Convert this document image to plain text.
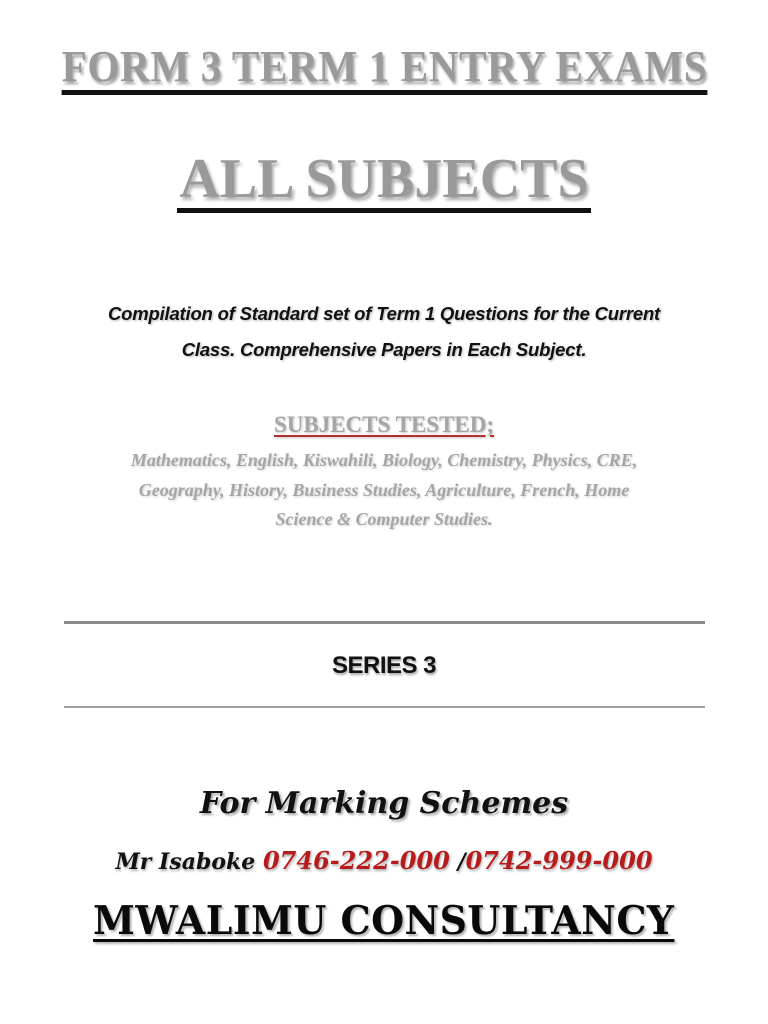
FORM 3 TERM 1 ENTRY EXAMS
ALL SUBJECTS
Compilation of Standard set of Term 1 Questions for the Current
Class. Comprehensive Papers in Each Subject.
SUBJECTS TESTED;
Mathematics, English, Kiswahili, Biology, Chemistry, Physics, CRE,
Geography, History, Business Studies, Agriculture, French, Home
Science & Computer Studies.
SERIES 3
For Marking Schemes
Mr Isaboke 0746-222-000 /0742-999-000
MWALIMU CONSULTANCY
